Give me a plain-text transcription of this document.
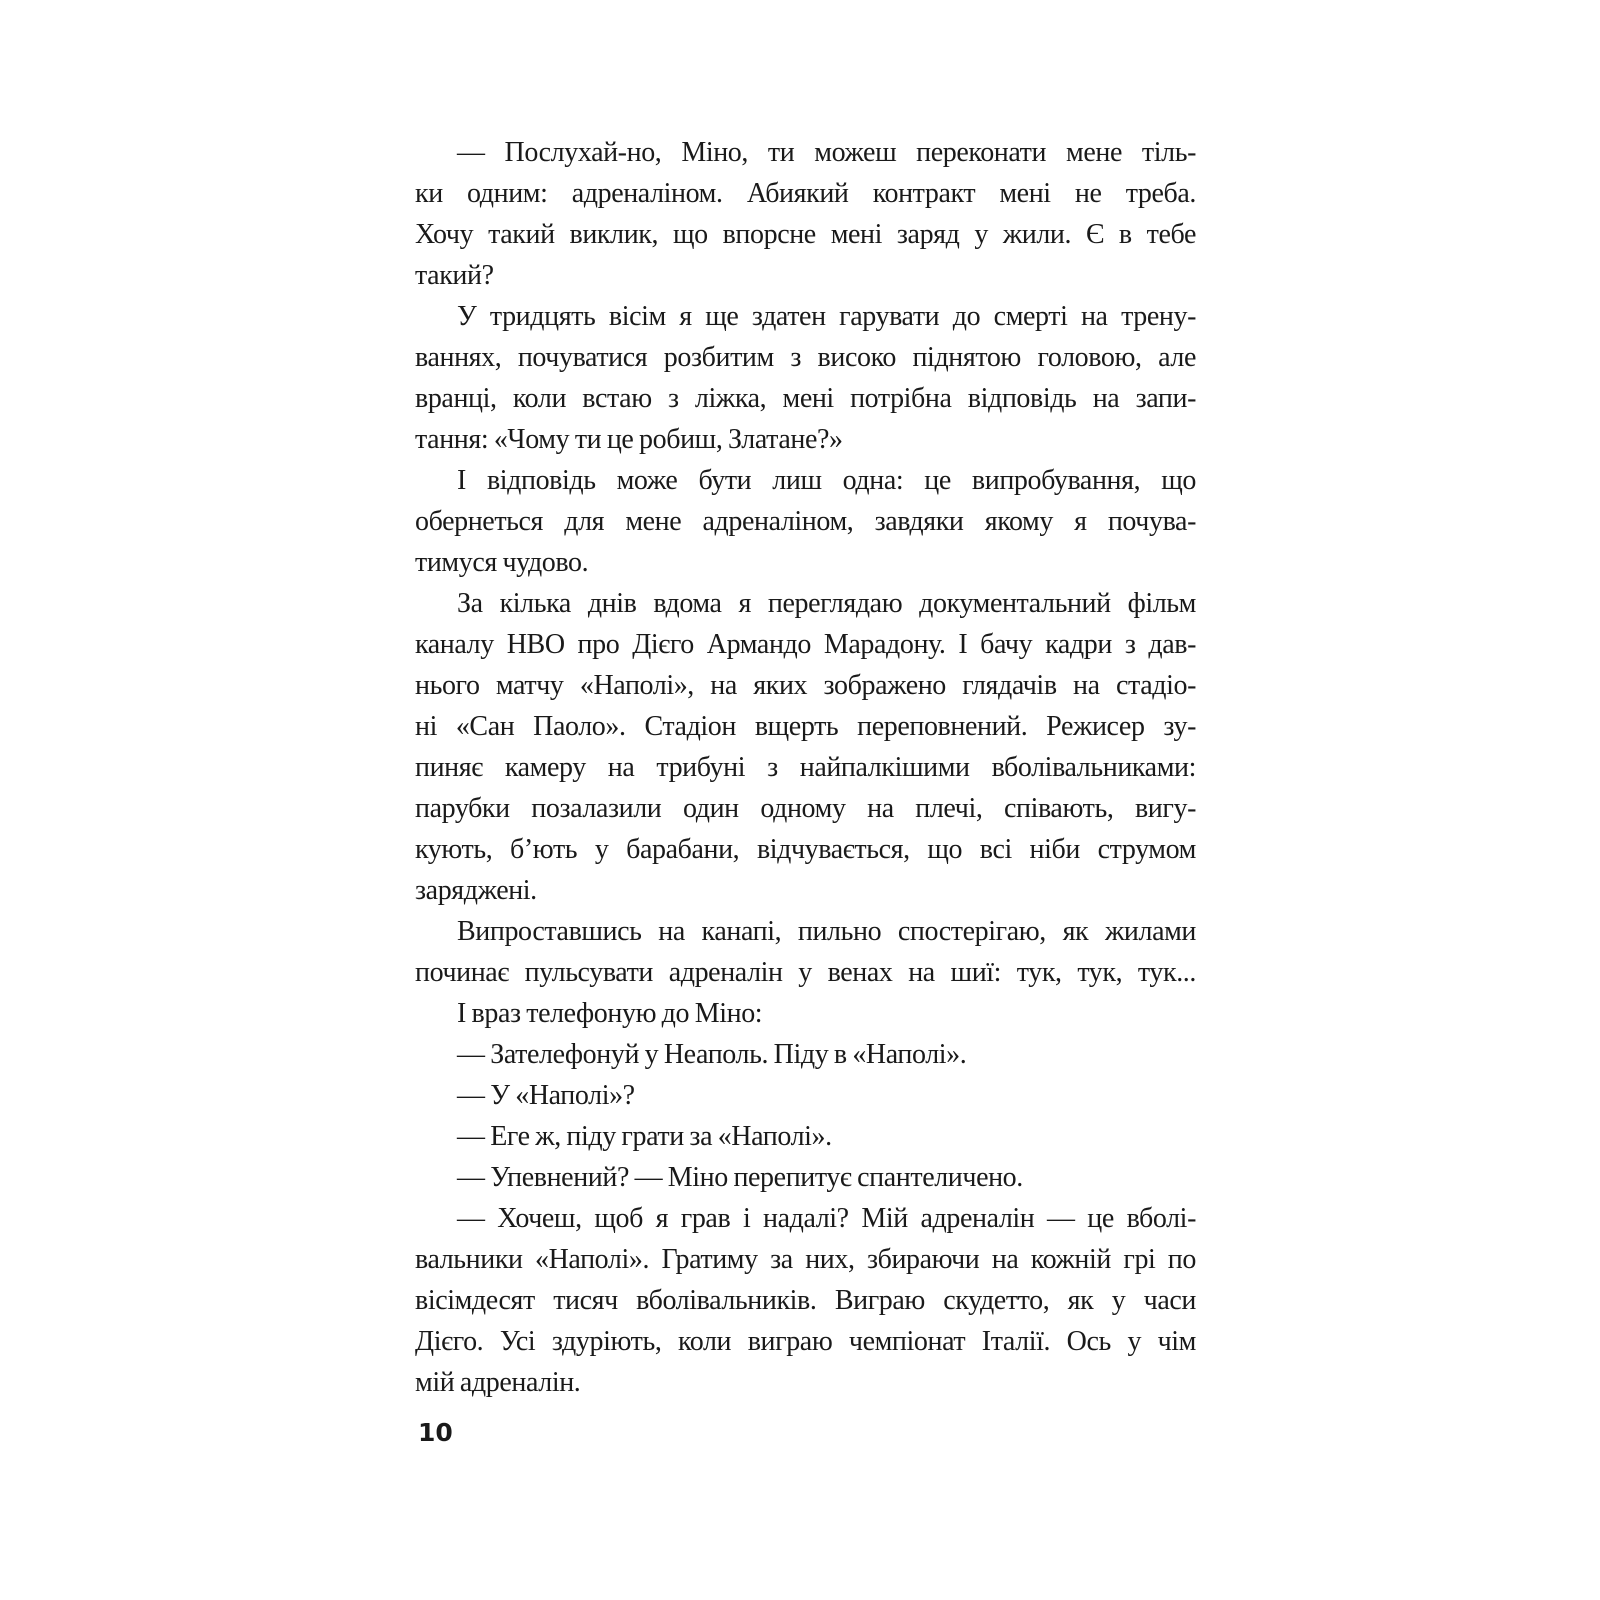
— Послухай-но, Міно, ти можеш переконати мене тіль-
ки одним: адреналіном. Абиякий контракт мені не треба.
Хочу такий виклик, що впорсне мені заряд у жили. Є в тебе
такий?
У тридцять вісім я ще здатен гарувати до смерті на трену-
ваннях, почуватися розбитим з високо піднятою головою, але
вранці, коли встаю з ліжка, мені потрібна відповідь на запи-
тання: «Чому ти це робиш, Златане?»
І відповідь може бути лиш одна: це випробування, що
обернеться для мене адреналіном, завдяки якому я почува-
тимуся чудово.
За кілька днів вдома я переглядаю документальний фільм
каналу HBO про Дієго Армандо Марадону. І бачу кадри з дав-
нього матчу «Наполі», на яких зображено глядачів на стадіо-
ні «Сан Паоло». Стадіон вщерть переповнений. Режисер зу-
пиняє камеру на трибуні з найпалкішими вболівальниками:
парубки позалазили один одному на плечі, співають, вигу-
кують, б’ють у барабани, відчувається, що всі ніби струмом
заряджені.
Випроставшись на канапі, пильно спостерігаю, як жилами
починає пульсувати адреналін у венах на шиї: тук, тук, тук...
І враз телефоную до Міно:
— Зателефонуй у Неаполь. Піду в «Наполі».
— У «Наполі»?
— Еге ж, піду грати за «Наполі».
— Упевнений? — Міно перепитує спантеличено.
— Хочеш, щоб я грав і надалі? Мій адреналін — це вболі-
вальники «Наполі». Гратиму за них, збираючи на кожній грі по
вісімдесят тисяч вболівальників. Виграю скудетто, як у часи
Дієго. Усі здуріють, коли виграю чемпіонат Італії. Ось у чім
мій адреналін.
10
